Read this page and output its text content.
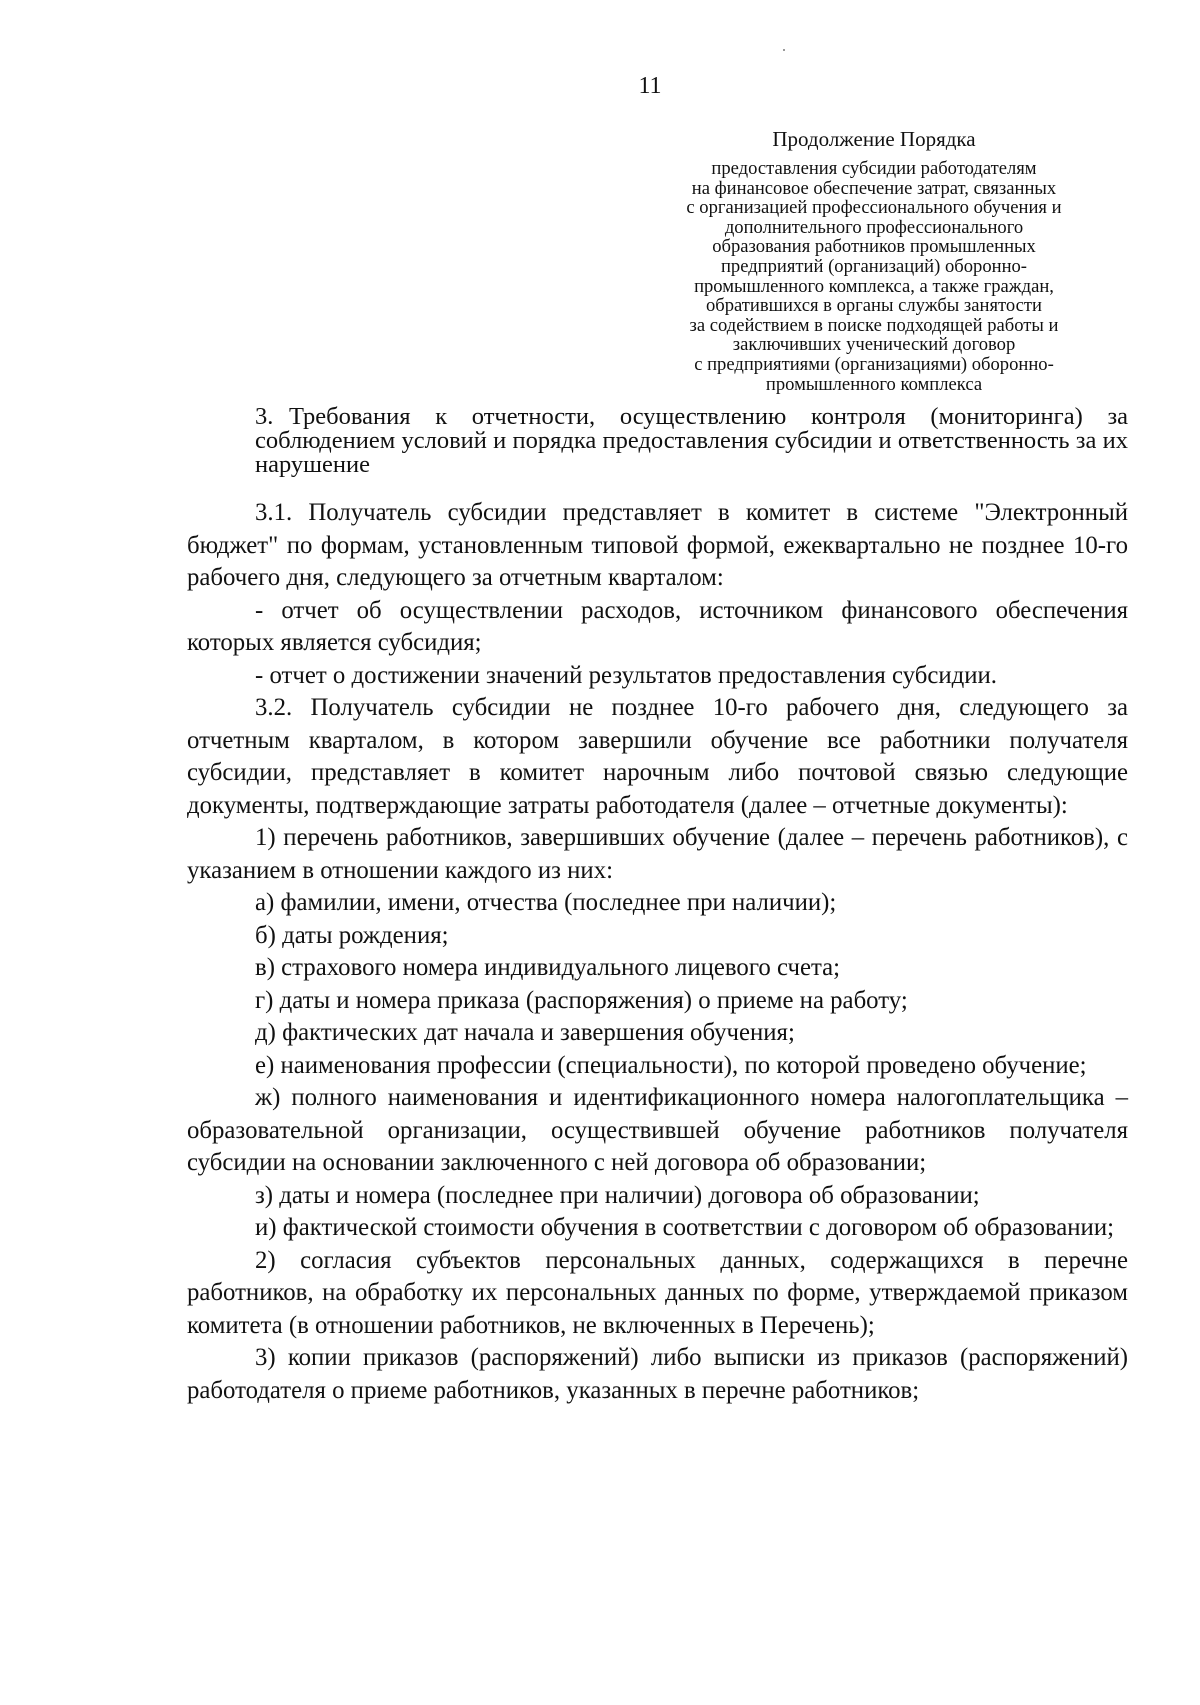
11
Продолжение Порядка
предоставления субсидии работодателям
на финансовое обеспечение затрат, связанных
с организацией профессионального обучения и
дополнительного профессионального
образования работников промышленных
предприятий (организаций) оборонно-
промышленного комплекса, а также граждан,
обратившихся в органы службы занятости
за содействием в поиске подходящей работы и
заключивших ученический договор
с предприятиями (организациями) оборонно-
промышленного комплекса
3. Требования к отчетности, осуществлению контроля (мониторинга) за соблюдением условий и порядка предоставления субсидии и ответственность за их нарушение

3.1. Получатель субсидии представляет в комитет в системе "Электронный бюджет" по формам, установленным типовой формой, ежеквартально не позднее 10-го рабочего дня, следующего за отчетным кварталом:

- отчет об осуществлении расходов, источником финансового обеспечения которых является субсидия;

- отчет о достижении значений результатов предоставления субсидии.

3.2. Получатель субсидии не позднее 10-го рабочего дня, следующего за отчетным кварталом, в котором завершили обучение все работники получателя субсидии, представляет в комитет нарочным либо почтовой связью следующие документы, подтверждающие затраты работодателя (далее – отчетные документы):

1) перечень работников, завершивших обучение (далее – перечень работников), с указанием в отношении каждого из них:

а) фамилии, имени, отчества (последнее при наличии);

б) даты рождения;

в) страхового номера индивидуального лицевого счета;

г) даты и номера приказа (распоряжения) о приеме на работу;

д) фактических дат начала и завершения обучения;

е) наименования профессии (специальности), по которой проведено обучение;

ж) полного наименования и идентификационного номера налогоплательщика – образовательной организации, осуществившей обучение работников получателя субсидии на основании заключенного с ней договора об образовании;

з) даты и номера (последнее при наличии) договора об образовании;

и) фактической стоимости обучения в соответствии с договором об образовании;

2) согласия субъектов персональных данных, содержащихся в перечне работников, на обработку их персональных данных по форме, утверждаемой приказом комитета (в отношении работников, не включенных в Перечень);

3) копии приказов (распоряжений) либо выписки из приказов (распоряжений) работодателя о приеме работников, указанных в перечне работников;
